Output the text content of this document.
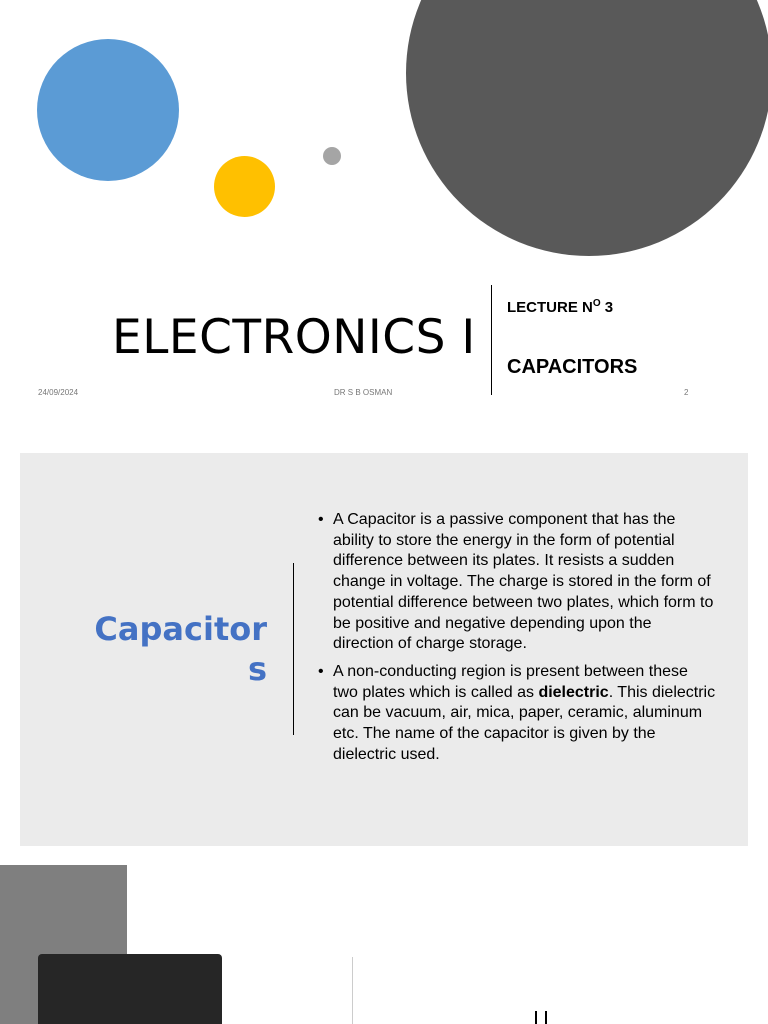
ELECTRONICS I
LECTURE $N^O$ 3
CAPACITORS
Capacitor
s
• A Capacitor is a passive component that has the ability to store the energy in the form of potential difference between its plates. It resists a sudden change in voltage. The charge is stored in the form of potential difference between two plates, which form to be positive and negative depending upon the direction of charge storage.
• A non-conducting region is present between these two plates which is called as dielectric. This dielectric can be vacuum, air, mica, paper, ceramic, aluminum etc. The name of the capacitor is given by the dielectric used.
24/09/2024	DR S B OSMAN	2
